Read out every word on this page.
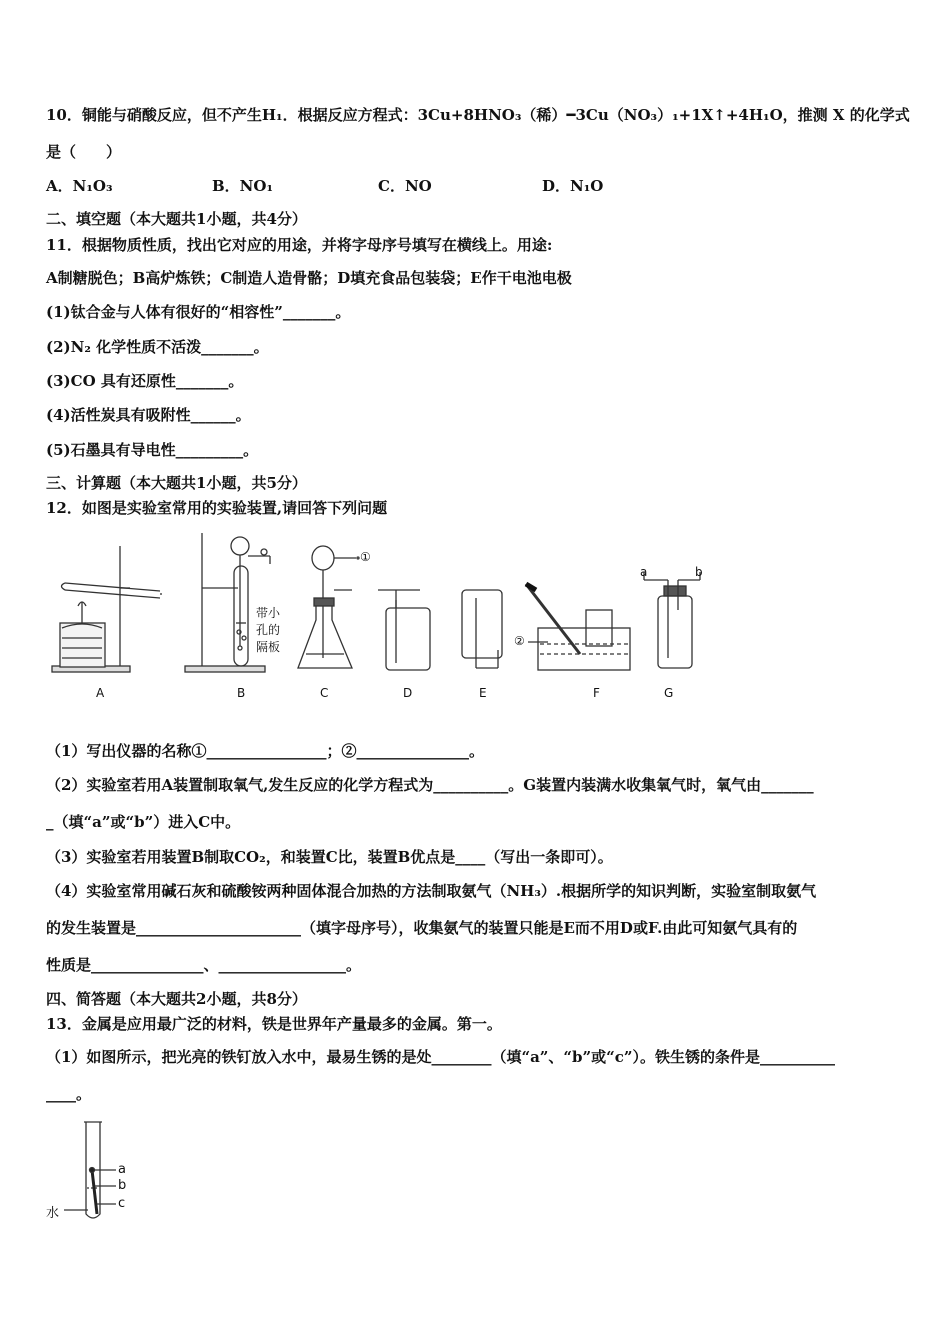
10．铜能与硝酸反应，但不产生H₁．根据反应方程式：3Cu+8HNO₃（稀）━3Cu（NO₃）₁+1X↑+4H₁O，推测 X 的化学式
是（　　）
A．N₁O₃	B．NO₁	C．NO	D．N₁O
二、填空题（本大题共1小题，共4分）
11．根据物质性质，找出它对应的用途，并将字母序号填写在横线上。用途:
A制糖脱色；B高炉炼铁；C制造人造骨骼；D填充食品包装袋；E作干电池电极
(1)钛合金与人体有很好的“相容性”_______。
(2)N₂ 化学性质不活泼_______。
(3)CO 具有还原性_______。
(4)活性炭具有吸附性______。
(5)石墨具有导电性_________。
三、计算题（本大题共1小题，共5分）
12．如图是实验室常用的实验装置,请回答下列问题
A	B	C	D	E	F	G
带小
孔的
隔板
①
②
a	b
（1）写出仪器的名称①________________；②_______________。
（2）实验室若用A装置制取氧气,发生反应的化学方程式为__________。G装置内装满水收集氧气时，氧气由_______
_（填“a”或“b”）进入C中。
（3）实验室若用装置B制取CO₂，和装置C比，装置B优点是____（写出一条即可）。
（4）实验室常用碱石灰和硫酸铵两种固体混合加热的方法制取氨气（NH₃）.根据所学的知识判断，实验室制取氨气
的发生装置是______________________（填字母序号），收集氨气的装置只能是E而不用D或F.由此可知氨气具有的
性质是_______________、_________________。
四、简答题（本大题共2小题，共8分）
13．金属是应用最广泛的材料，铁是世界年产量最多的金属。第一。
（1）如图所示，把光亮的铁钉放入水中，最易生锈的是处________（填“a”、“b”或“c”）。铁生锈的条件是__________
____。
a
b
c
水
